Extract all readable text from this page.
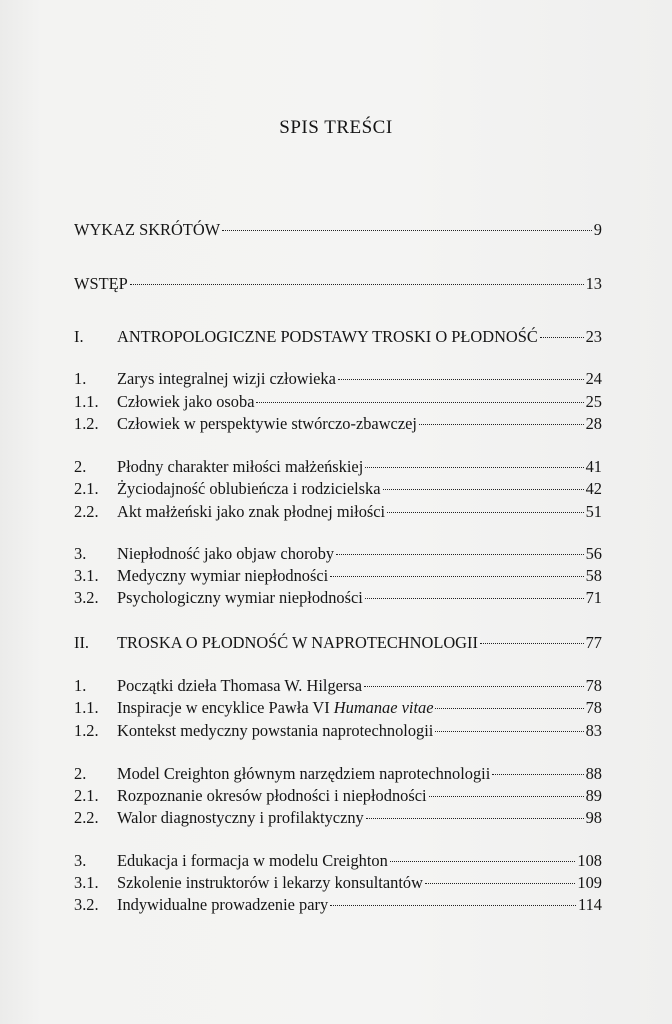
SPIS TREŚCI
WYKAZ SKRÓTÓW	9
WSTĘP	13
I.	ANTROPOLOGICZNE PODSTAWY TROSKI O PŁODNOŚĆ	23
1.	Zarys integralnej wizji człowieka	24
1.1.	Człowiek jako osoba	25
1.2.	Człowiek w perspektywie stwórczo-zbawczej	28
2.	Płodny charakter miłości małżeńskiej	41
2.1.	Życiodajność oblubieńcza i rodzicielska	42
2.2.	Akt małżeński jako znak płodnej miłości	51
3.	Niepłodność jako objaw choroby	56
3.1.	Medyczny wymiar niepłodności	58
3.2.	Psychologiczny wymiar niepłodności	71
II.	TROSKA O PŁODNOŚĆ W NAPROTECHNOLOGII	77
1.	Początki dzieła Thomasa W. Hilgersa	78
1.1.	Inspiracje w encyklice Pawła VI Humanae vitae	78
1.2.	Kontekst medyczny powstania naprotechnologii	83
2.	Model Creighton głównym narzędziem naprotechnologii	88
2.1.	Rozpoznanie okresów płodności i niepłodności	89
2.2.	Walor diagnostyczny i profilaktyczny	98
3.	Edukacja i formacja w modelu Creighton	108
3.1.	Szkolenie instruktorów i lekarzy konsultantów	109
3.2.	Indywidualne prowadzenie pary	114
